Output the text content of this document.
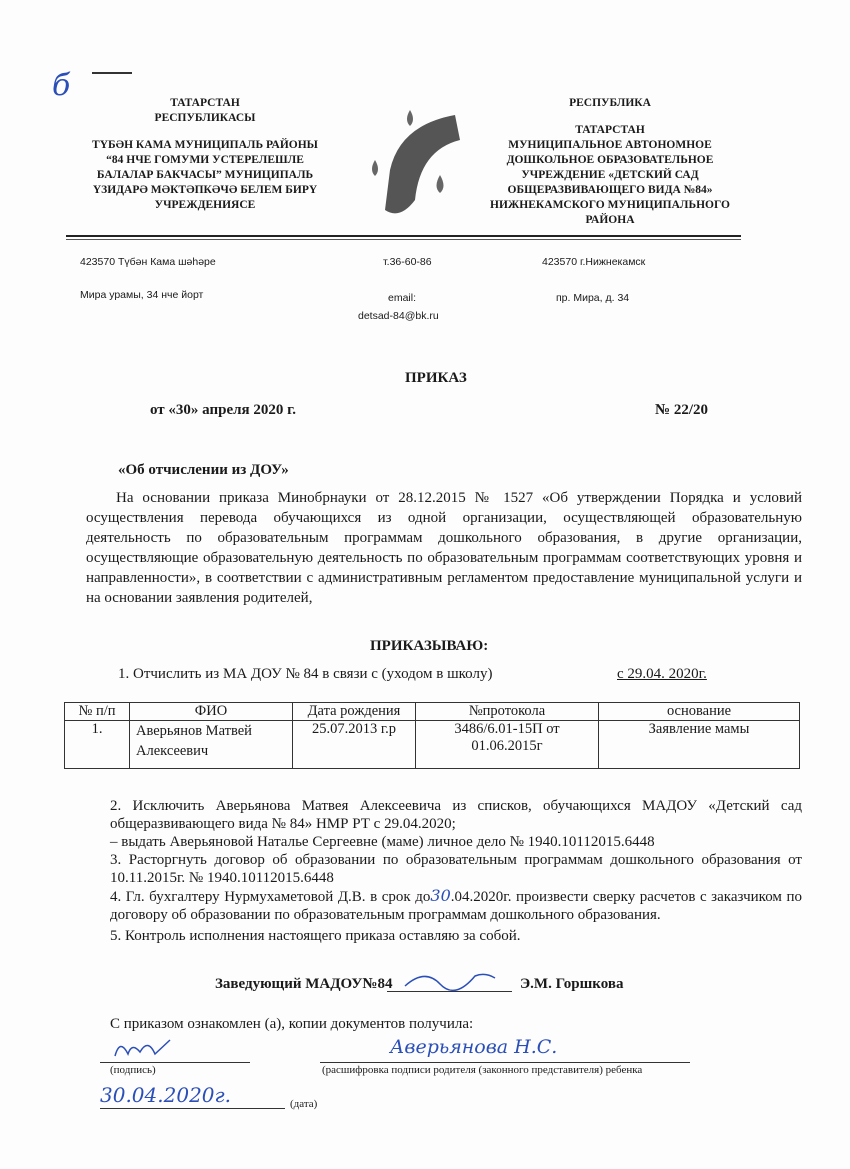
б	ТАТАРСТАН
РЕСПУБЛИКАСЫ
ТҮБӘН КАМА МУНИЦИПАЛЬ РАЙОНЫ
“84 НЧЕ ГОМУМИ УСТЕРЕЛЕШЛЕ
БАЛАЛАР БАКЧАСЫ” МУНИЦИПАЛЬ
ҮЗИДАРӘ МӘКТӘПКӘЧӘ БЕЛЕМ БИРҮ
УЧРЕЖДЕНИЯСЕ
РЕСПУБЛИКА
ТАТАРСТАН
МУНИЦИПАЛЬНОЕ АВТОНОМНОЕ
ДОШКОЛЬНОЕ ОБРАЗОВАТЕЛЬНОЕ
УЧРЕЖДЕНИЕ «ДЕТСКИЙ САД
ОБЩЕРАЗВИВАЮЩЕГО ВИДА №84»
НИЖНЕКАМСКОГО МУНИЦИПАЛЬНОГО
РАЙОНА
423570 Түбән Кама шәһәре
Мира урамы, 34 нче йорт
т.36-60-86
email:
detsad-84@bk.ru
423570 г.Нижнекамск
пр. Мира, д. 34
ПРИКАЗ
от «30» апреля 2020 г.	№ 22/20
«Об отчислении из ДОУ»
На основании приказа Минобрнауки от 28.12.2015 № 1527 «Об утверждении Порядка и условий осуществления перевода обучающихся из одной организации, осуществляющей образовательную деятельность по образовательным программам дошкольного образования, в другие организации, осуществляющие образовательную деятельность по образовательным программам соответствующих уровня и направленности», в соответствии с административным регламентом предоставление муниципальной услуги и на основании заявления родителей,
ПРИКАЗЫВАЮ:
1. Отчислить из МА ДОУ № 84 в связи с (уходом в школу)	с 29.04. 2020г.
№ п/п	ФИО	Дата рождения	№протокола	основание
1.	Аверьянов Матвей Алексеевич	25.07.2013 г.р	3486/6.01-15П от 01.06.2015г	Заявление мамы
2. Исключить Аверьянова Матвея Алексеевича из списков, обучающихся МАДОУ «Детский сад общеразвивающего вида № 84» НМР РТ с 29.04.2020;
– выдать Аверьяновой Наталье Сергеевне (маме) личное дело № 1940.10112015.6448
3. Расторгнуть договор об образовании по образовательным программам дошкольного образования от 10.11.2015г. № 1940.10112015.6448
4. Гл. бухгалтеру Нурмухаметовой Д.В. в срок до30.04.2020г. произвести сверку расчетов с заказчиком по договору об образовании по образовательным программам дошкольного образования.
5. Контроль исполнения настоящего приказа оставляю за собой.
Заведующий МАДОУ№84	Э.М. Горшкова
С приказом ознакомлен (а), копии документов получила:
Аверьянова Н.С.
(подпись)	(расшифровка подписи родителя (законного представителя) ребенка
30.04.2020г.	(дата)
